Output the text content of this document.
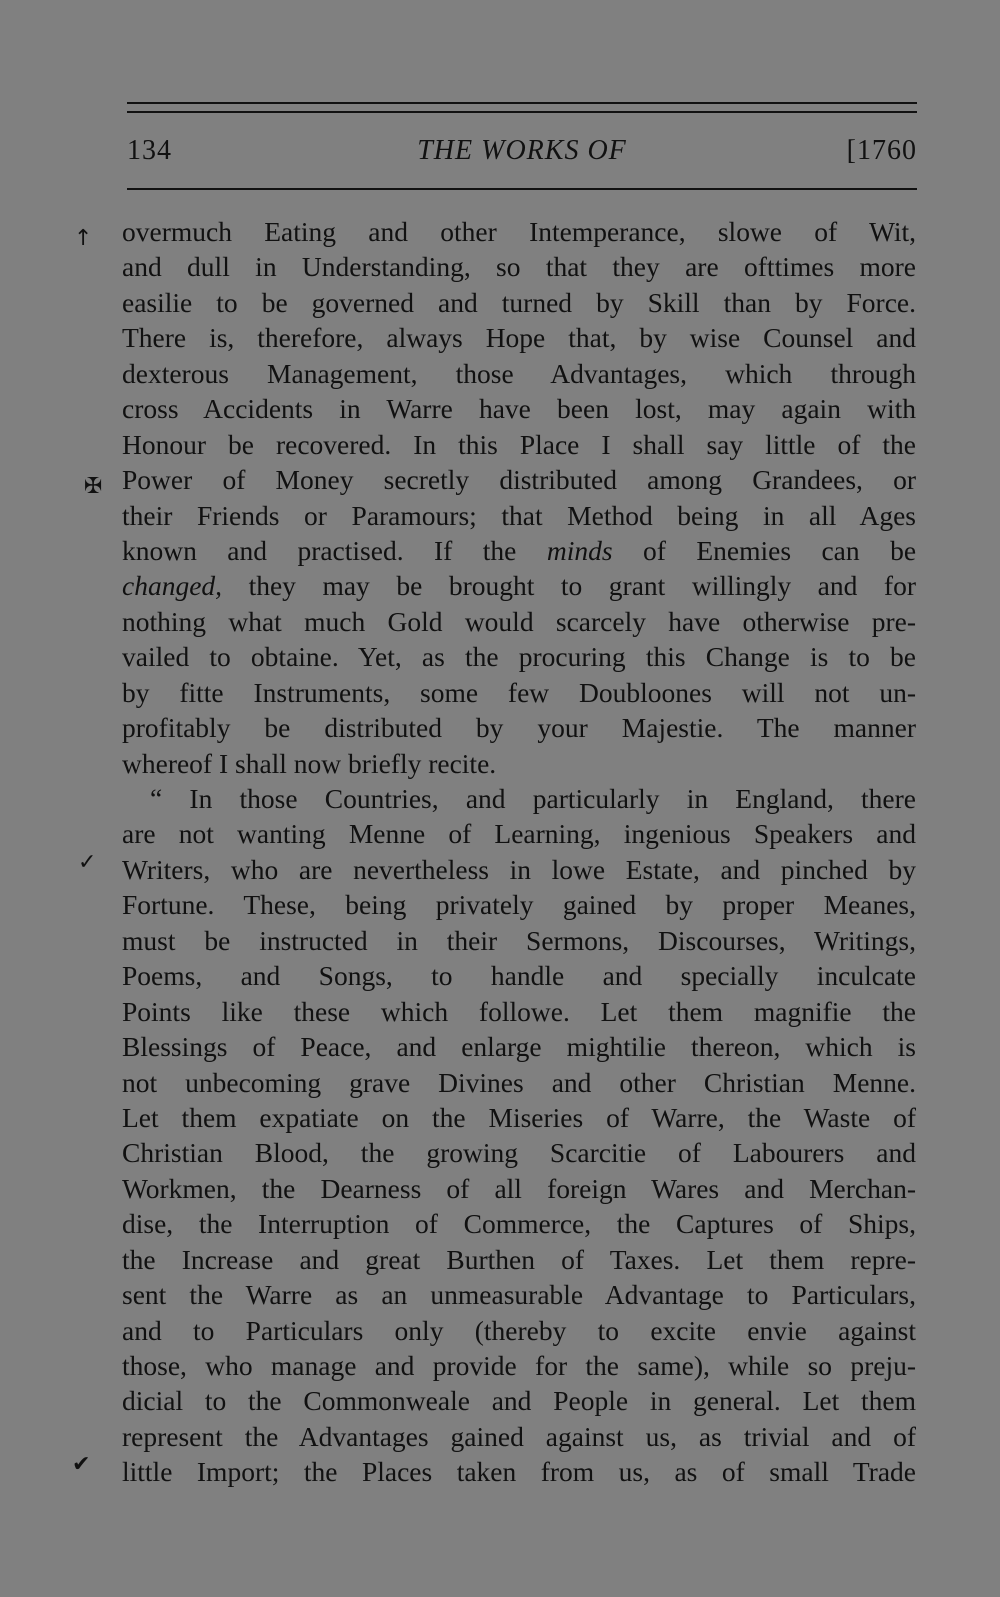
134	THE WORKS OF	[1760
↑
✠
✓
✔
overmuch Eating and other Intemperance, slowe of Wit,
and dull in Understanding, so that they are ofttimes more
easilie to be governed and turned by Skill than by Force.
There is, therefore, always Hope that, by wise Counsel and
dexterous Management, those Advantages, which through
cross Accidents in Warre have been lost, may again with
Honour be recovered. In this Place I shall say little of the
Power of Money secretly distributed among Grandees, or
their Friends or Paramours; that Method being in all Ages
known and practised. If the minds of Enemies can be
changed, they may be brought to grant willingly and for
nothing what much Gold would scarcely have otherwise pre-
vailed to obtaine. Yet, as the procuring this Change is to be
by fitte Instruments, some few Doubloones will not un-
profitably be distributed by your Majestie. The manner
whereof I shall now briefly recite.
“ In those Countries, and particularly in England, there
are not wanting Menne of Learning, ingenious Speakers and
Writers, who are nevertheless in lowe Estate, and pinched by
Fortune. These, being privately gained by proper Meanes,
must be instructed in their Sermons, Discourses, Writings,
Poems, and Songs, to handle and specially inculcate
Points like these which followe. Let them magnifie the
Blessings of Peace, and enlarge mightilie thereon, which is
not unbecoming grave Divines and other Christian Menne.
Let them expatiate on the Miseries of Warre, the Waste of
Christian Blood, the growing Scarcitie of Labourers and
Workmen, the Dearness of all foreign Wares and Merchan-
dise, the Interruption of Commerce, the Captures of Ships,
the Increase and great Burthen of Taxes. Let them repre-
sent the Warre as an unmeasurable Advantage to Particulars,
and to Particulars only (thereby to excite envie against
those, who manage and provide for the same), while so preju-
dicial to the Commonweale and People in general. Let them
represent the Advantages gained against us, as trivial and of
little Import; the Places taken from us, as of small Trade
